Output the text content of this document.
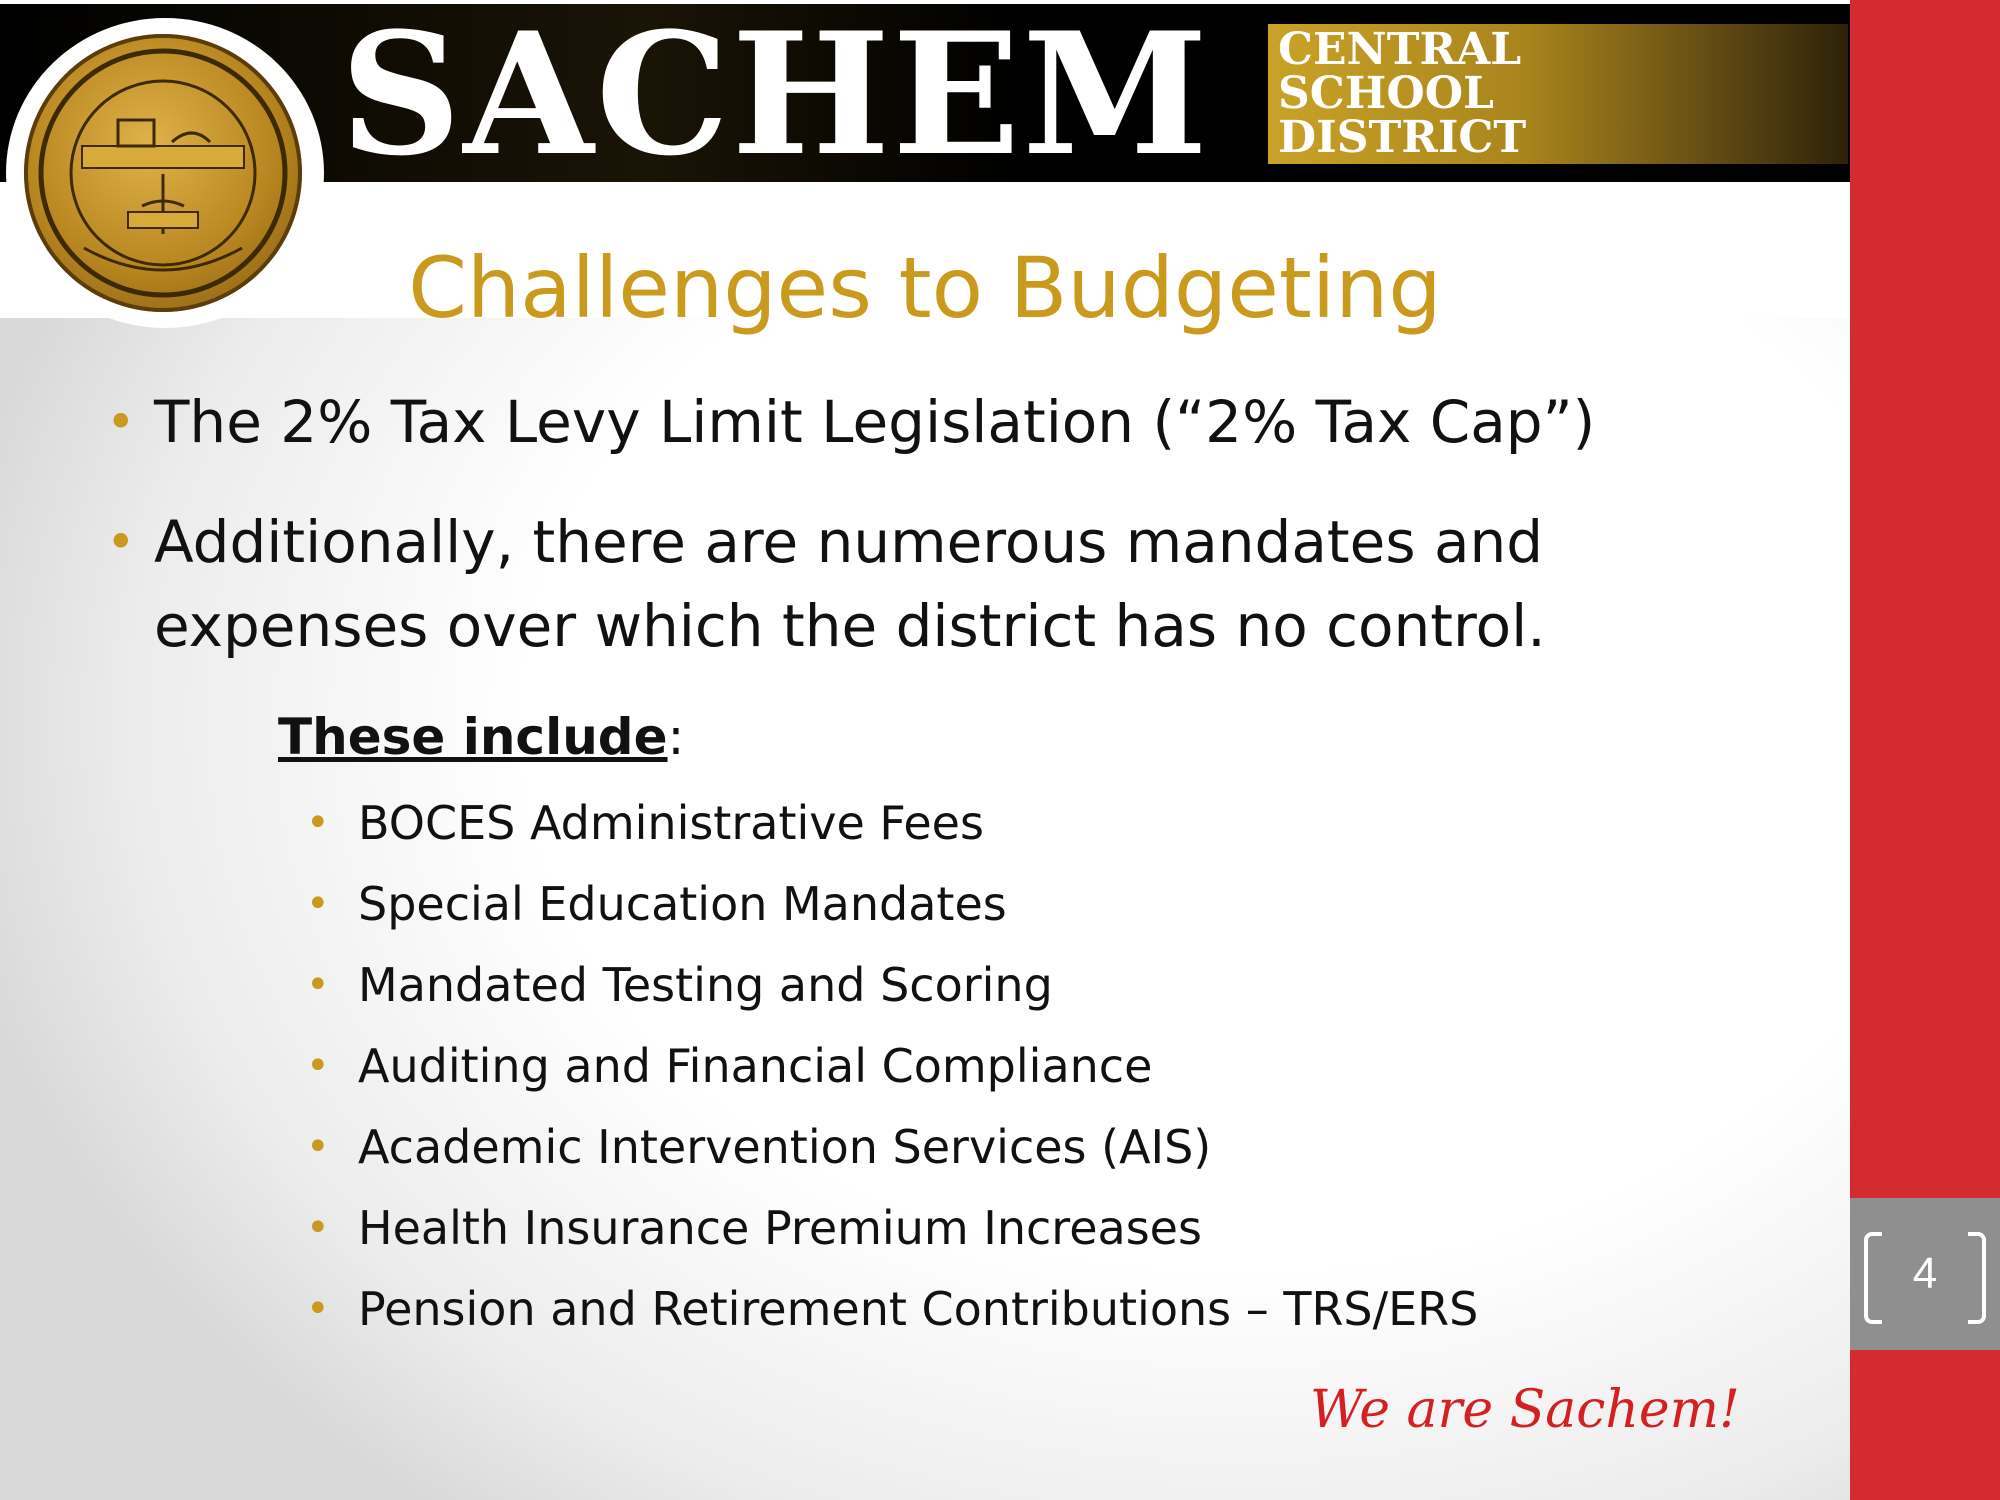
4
SACHEM CENTRAL
SCHOOL
DISTRICT
Challenges to Budgeting
• The 2% Tax Levy Limit Legislation (“2% Tax Cap”)
• Additionally, there are numerous mandates and expenses over which the district has no control.
These include:
• BOCES Administrative Fees
• Special Education Mandates
• Mandated Testing and Scoring
• Auditing and Financial Compliance
• Academic Intervention Services (AIS)
• Health Insurance Premium Increases
• Pension and Retirement Contributions – TRS/ERS
We are Sachem!
